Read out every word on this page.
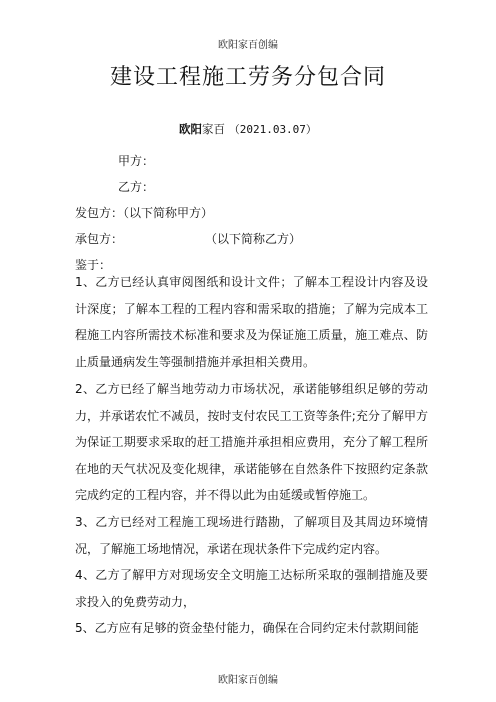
欧阳家百创编
建设工程施工劳务分包合同
欧阳家百 （2021.03.07）
甲方：
乙方：
发包方：（以下简称甲方）
承包方：	（以下简称乙方）
鉴于：
1、乙方已经认真审阅图纸和设计文件；了解本工程设计内容及设计深度；了解本工程的工程内容和需采取的措施；了解为完成本工程施工内容所需技术标准和要求及为保证施工质量，施工难点、防止质量通病发生等强制措施并承担相关费用。
2、乙方已经了解当地劳动力市场状况，承诺能够组织足够的劳动力，并承诺农忙不减员，按时支付农民工工资等条件;充分了解甲方为保证工期要求采取的赶工措施并承担相应费用，充分了解工程所在地的天气状况及变化规律，承诺能够在自然条件下按照约定条款完成约定的工程内容，并不得以此为由延缓或暂停施工。
3、乙方已经对工程施工现场进行踏勘，了解项目及其周边环境情况，了解施工场地情况，承诺在现状条件下完成约定内容。
4、乙方了解甲方对现场安全文明施工达标所采取的强制措施及要求投入的免费劳动力，
5、乙方应有足够的资金垫付能力，确保在合同约定未付款期间能
欧阳家百创编
